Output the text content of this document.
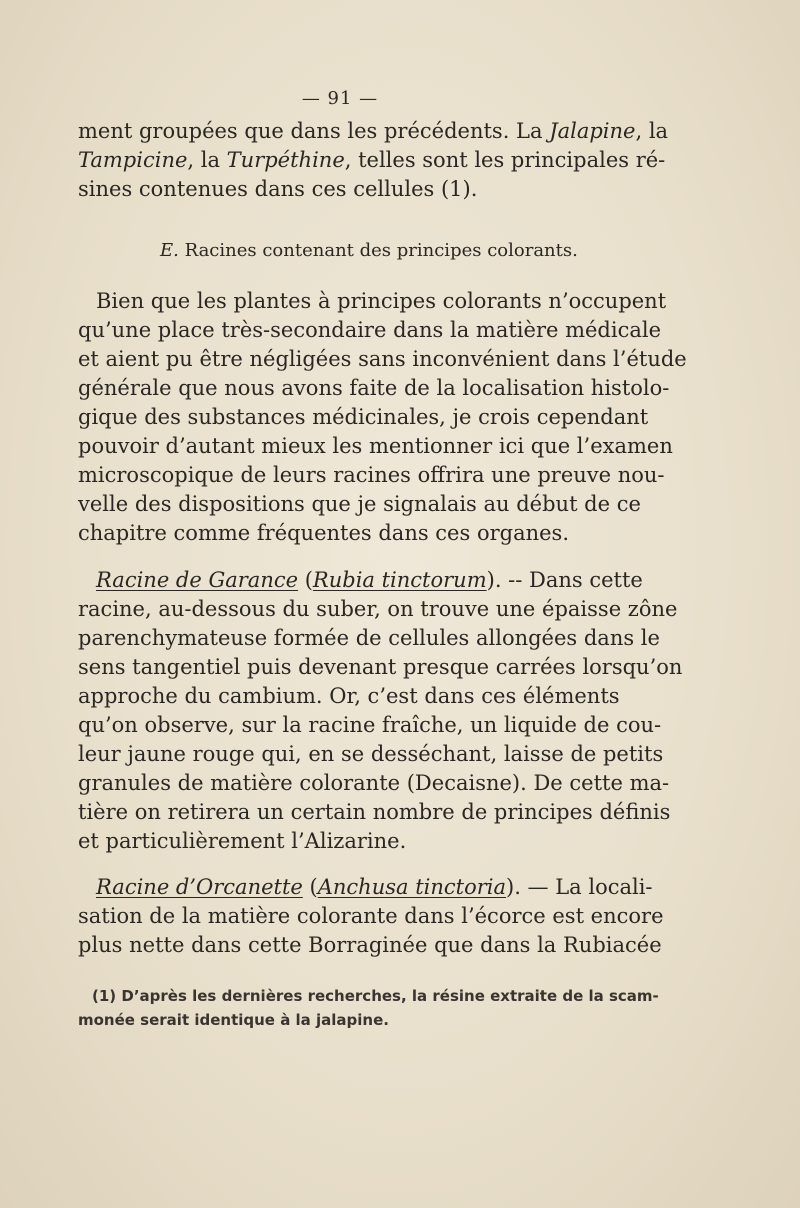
— 91 —
ment groupées que dans les précédents. La Jalapine, la
Tampicine, la Turpéthine, telles sont les principales ré-
sines contenues dans ces cellules (1).
E. Racines contenant des principes colorants.
Bien que les plantes à principes colorants n’occupent
qu’une place très-secondaire dans la matière médicale
et aient pu être négligées sans inconvénient dans l’étude
générale que nous avons faite de la localisation histolo-
gique des substances médicinales, je crois cependant
pouvoir d’autant mieux les mentionner ici que l’examen
microscopique de leurs racines offrira une preuve nou-
velle des dispositions que je signalais au début de ce
chapitre comme fréquentes dans ces organes.
Racine de Garance (Rubia tinctorum). -- Dans cette
racine, au-dessous du suber, on trouve une épaisse zône
parenchymateuse formée de cellules allongées dans le
sens tangentiel puis devenant presque carrées lorsqu’on
approche du cambium. Or, c’est dans ces éléments
qu’on observe, sur la racine fraîche, un liquide de cou-
leur jaune rouge qui, en se desséchant, laisse de petits
granules de matière colorante (Decaisne). De cette ma-
tière on retirera un certain nombre de principes définis
et particulièrement l’Alizarine.
Racine d’Orcanette (Anchusa tinctoria). — La locali-
sation de la matière colorante dans l’écorce est encore
plus nette dans cette Borraginée que dans la Rubiacée
(1) D’après les dernières recherches, la résine extraite de la scam-
monée serait identique à la jalapine.
